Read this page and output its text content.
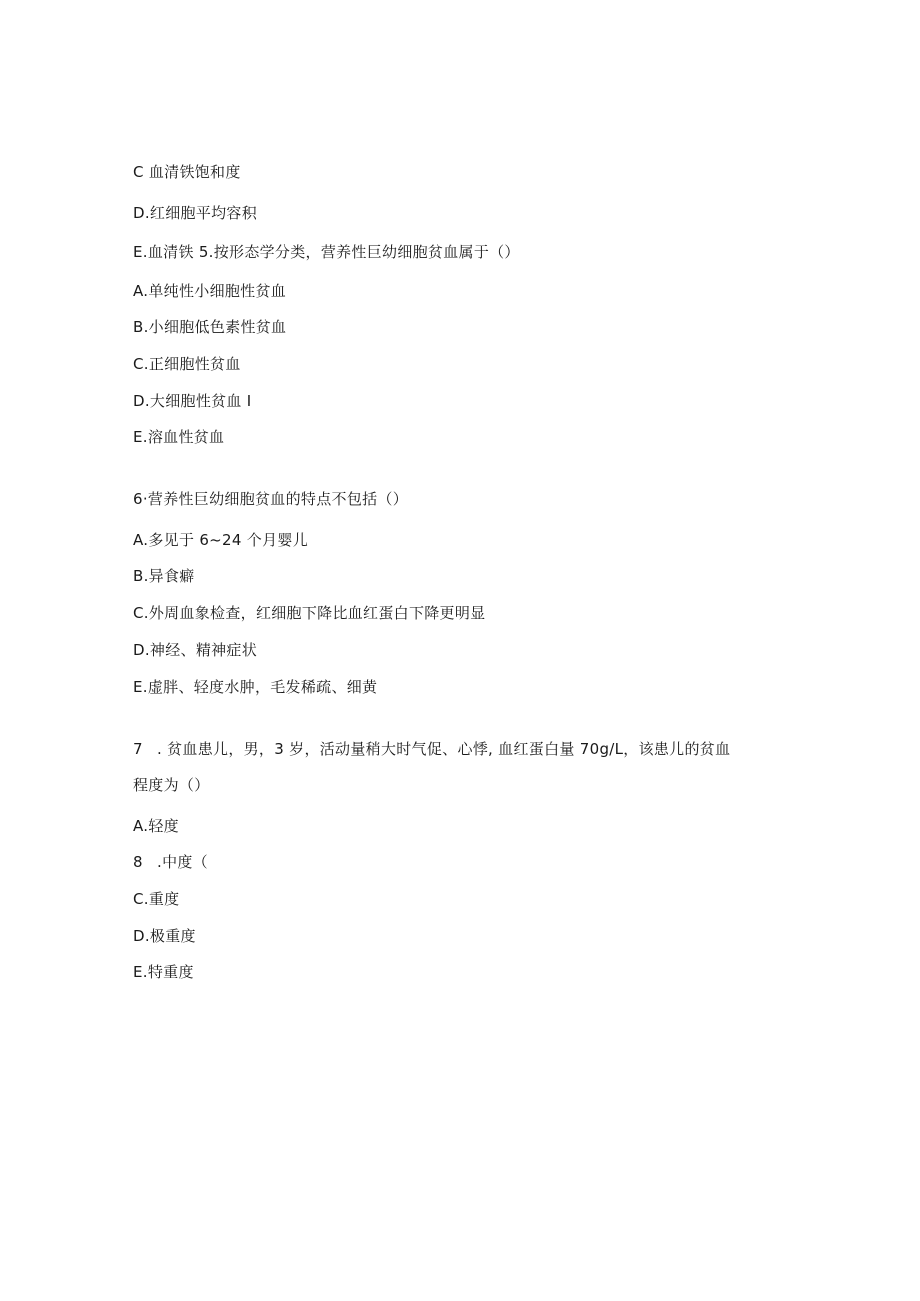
C 血清铁饱和度
D.红细胞平均容积
E.血清铁 5.按形态学分类，营养性巨幼细胞贫血属于（）
A.单纯性小细胞性贫血
B.小细胞低色素性贫血
C.正细胞性贫血
D.大细胞性贫血 I
E.溶血性贫血
6·营养性巨幼细胞贫血的特点不包括（）
A.多见于 6~24 个月婴儿
B.异食癖
C.外周血象检查，红细胞下降比血红蛋白下降更明显
D.神经、精神症状
E.虚胖、轻度水肿，毛发稀疏、细黄
7 . 贫血患儿，男，3 岁，活动量稍大时气促、心悸, 血红蛋白量 70g/L，该患儿的贫血
程度为（）
A.轻度
8 .中度（
C.重度
D.极重度
E.特重度
